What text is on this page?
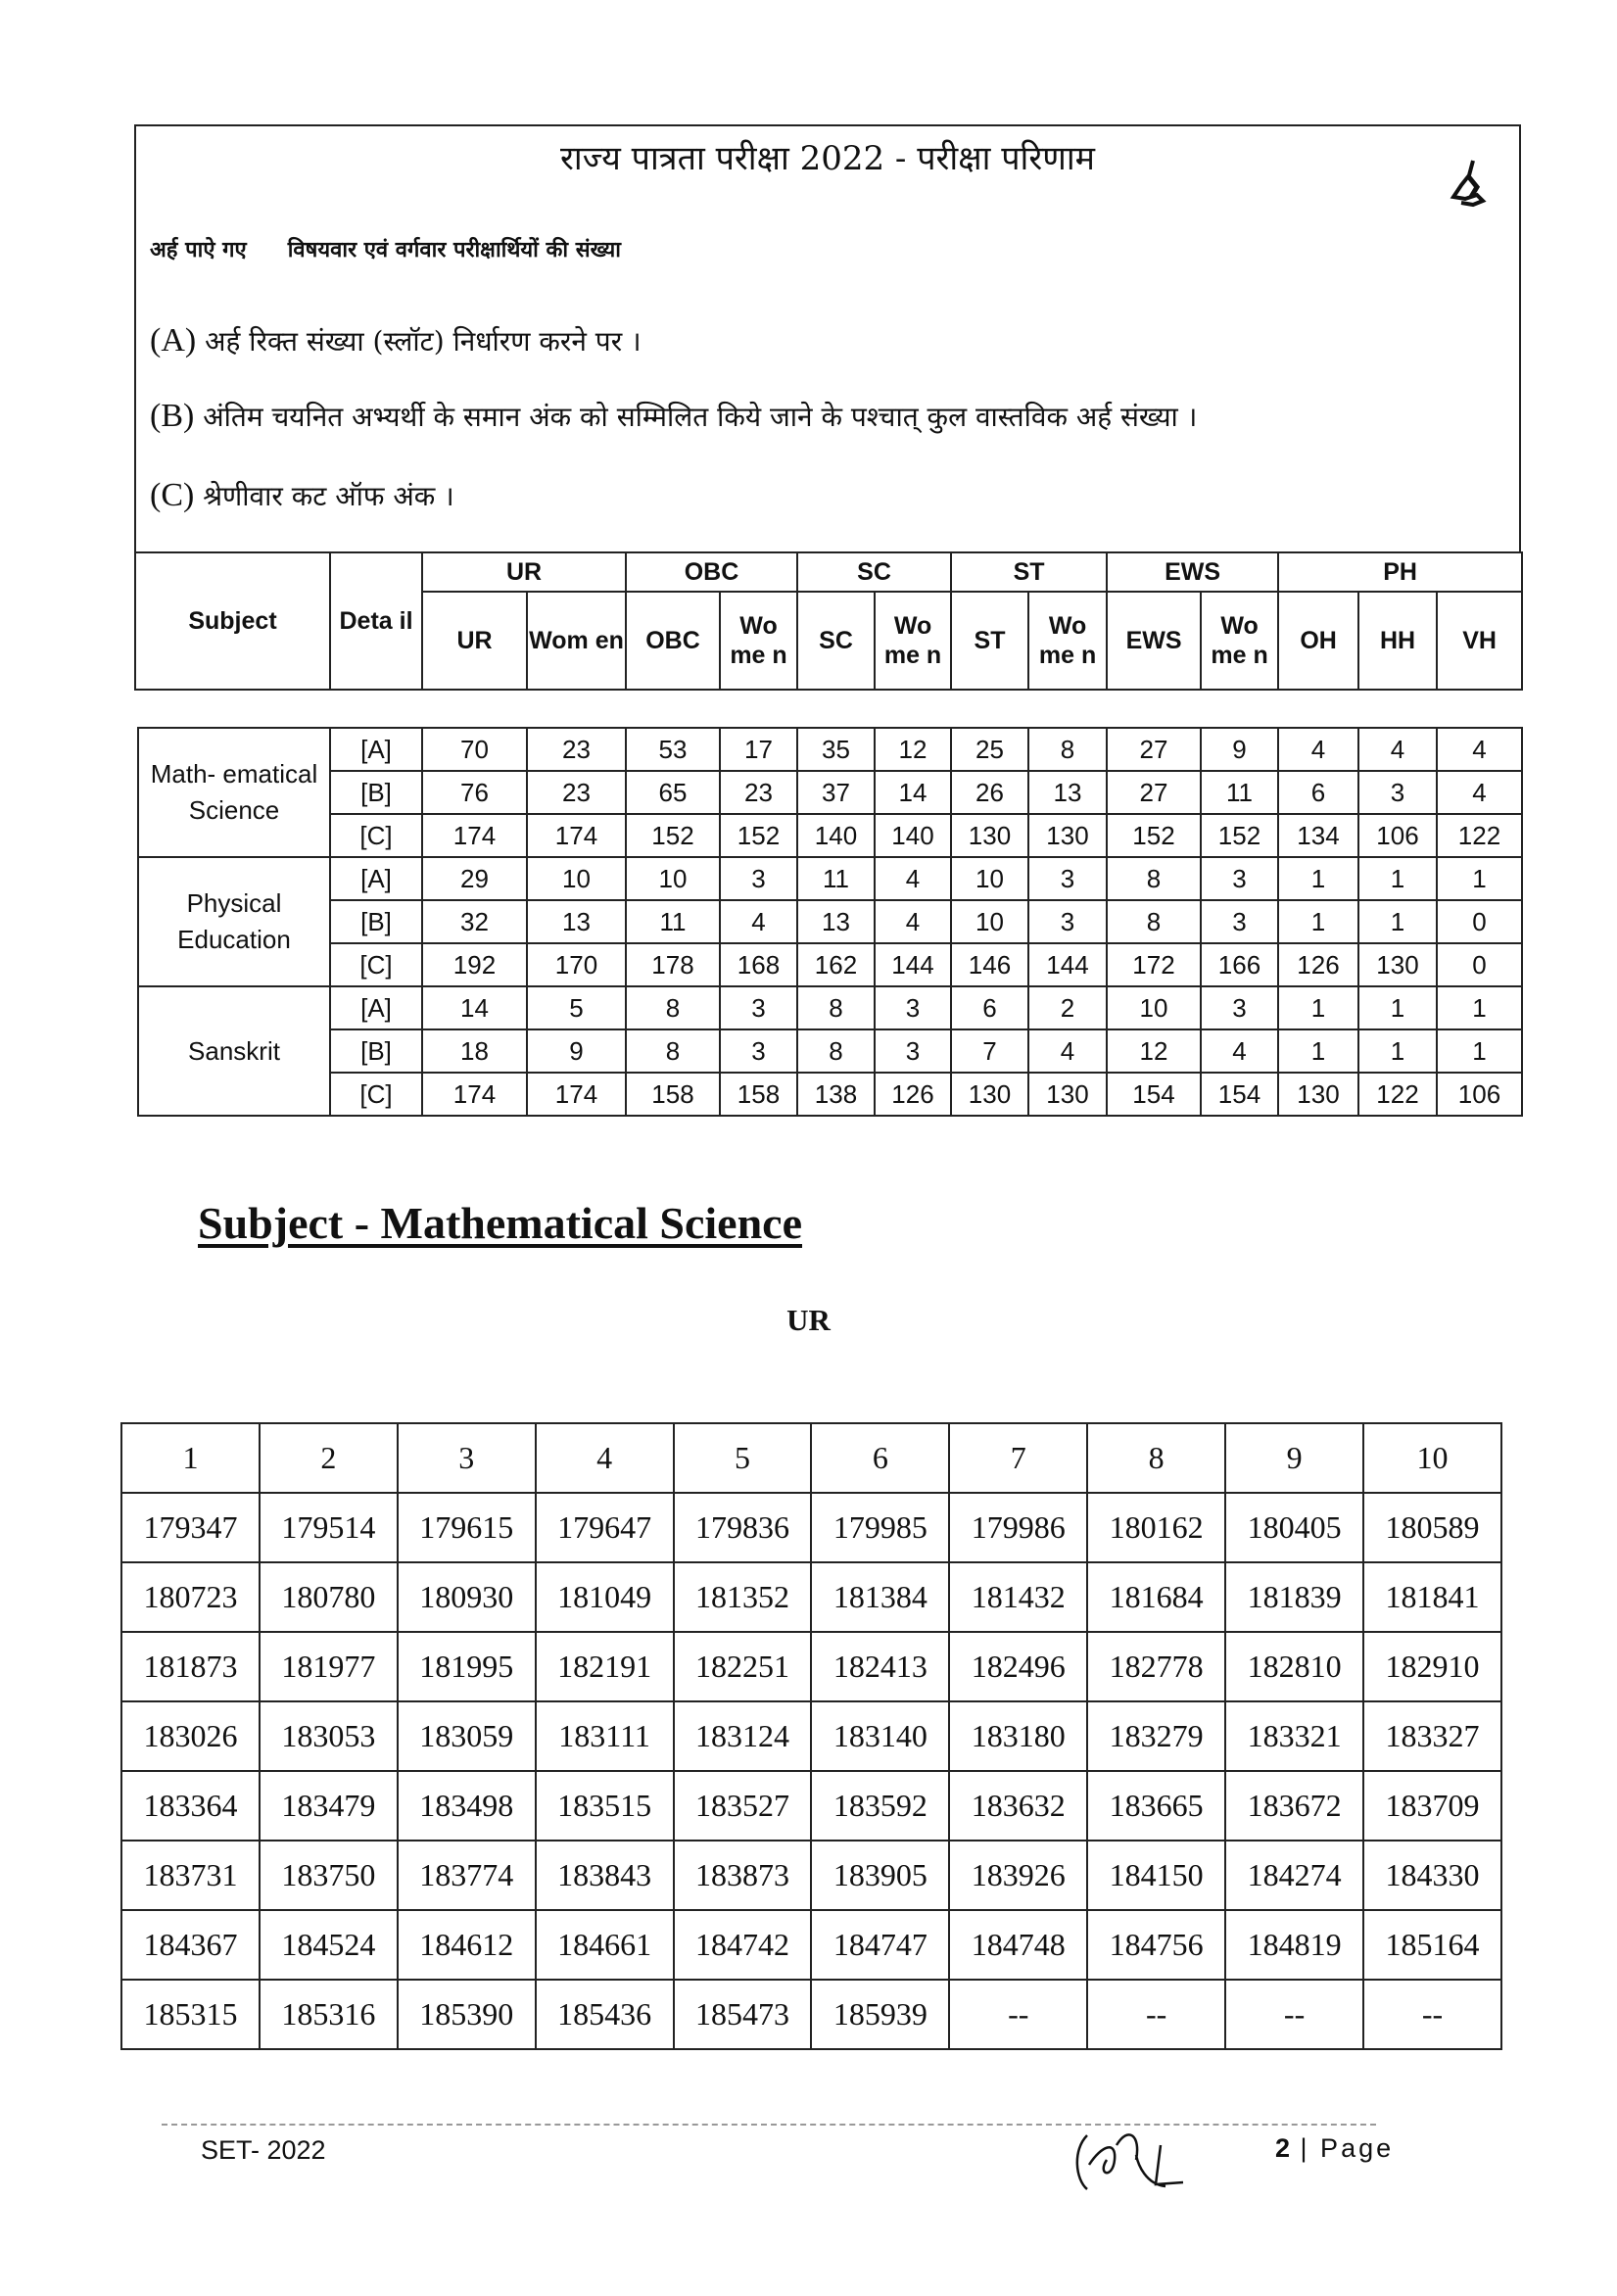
राज्य पात्रता परीक्षा 2022 - परीक्षा परिणाम
अर्ह पाऐ गए विषयवार एवं वर्गवार परीक्षार्थियों की संख्या
(A) अर्ह रिक्त संख्या (स्लॉट) निर्धारण करने पर ।
(B) अंतिम चयनित अभ्यर्थी के समान अंक को सम्मिलित किये जाने के पश्चात् कुल वास्तविक अर्ह संख्या ।
(C) श्रेणीवार कट ऑफ अंक ।
Subject	Deta il	UR		OBC		SC		ST		EWS		PH		
		UR	Wom en	OBC	Wo me n	SC	Wo me n	ST	Wo me n	EWS	Wo me n	OH	HH	VH
Math- ematical Science	[A]	70	23	53	17	35	12	25	8	27	9	4	4	4
	[B]	76	23	65	23	37	14	26	13	27	11	6	3	4
	[C]	174	174	152	152	140	140	130	130	152	152	134	106	122
Physical Education	[A]	29	10	10	3	11	4	10	3	8	3	1	1	1
	[B]	32	13	11	4	13	4	10	3	8	3	1	1	0
	[C]	192	170	178	168	162	144	146	144	172	166	126	130	0
Sanskrit	[A]	14	5	8	3	8	3	6	2	10	3	1	1	1
	[B]	18	9	8	3	8	3	7	4	12	4	1	1	1
	[C]	174	174	158	158	138	126	130	130	154	154	130	122	106
Subject - Mathematical Science
UR
1	2	3	4	5	6	7	8	9	10
179347	179514	179615	179647	179836	179985	179986	180162	180405	180589
180723	180780	180930	181049	181352	181384	181432	181684	181839	181841
181873	181977	181995	182191	182251	182413	182496	182778	182810	182910
183026	183053	183059	183111	183124	183140	183180	183279	183321	183327
183364	183479	183498	183515	183527	183592	183632	183665	183672	183709
183731	183750	183774	183843	183873	183905	183926	184150	184274	184330
184367	184524	184612	184661	184742	184747	184748	184756	184819	185164
185315	185316	185390	185436	185473	185939	--	--	--	--
SET- 2022	2 | Page
